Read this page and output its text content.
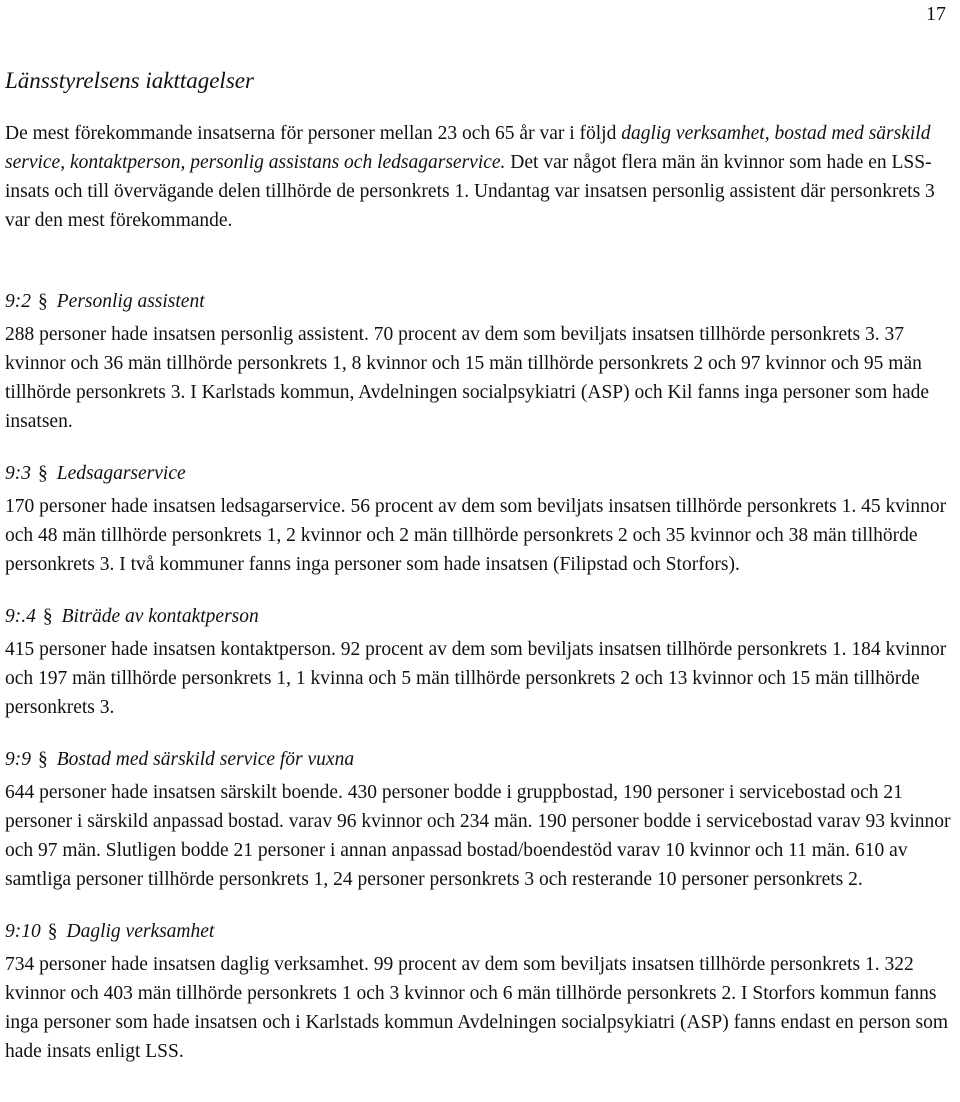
17
Länsstyrelsens iakttagelser

De mest förekommande insatserna för personer mellan 23 och 65 år var i följd daglig verksamhet, bostad med särskild service, kontaktperson, personlig assistans och ledsagarservice. Det var något flera män än kvinnor som hade en LSS-insats och till övervägande delen tillhörde de personkrets 1. Undantag var insatsen personlig assistent där personkrets 3 var den mest förekommande.

9:2 § Personlig assistent

288 personer hade insatsen personlig assistent. 70 procent av dem som beviljats insatsen tillhörde personkrets 3. 37 kvinnor och 36 män tillhörde personkrets 1, 8 kvinnor och 15 män tillhörde personkrets 2 och 97 kvinnor och 95 män tillhörde personkrets 3. I Karlstads kommun, Avdelningen socialpsykiatri (ASP) och Kil fanns inga personer som hade insatsen.

9:3 § Ledsagarservice

170 personer hade insatsen ledsagarservice. 56 procent av dem som beviljats insatsen tillhörde personkrets 1. 45 kvinnor och 48 män tillhörde personkrets 1, 2 kvinnor och 2 män tillhörde personkrets 2 och 35 kvinnor och 38 män tillhörde personkrets 3. I två kommuner fanns inga personer som hade insatsen (Filipstad och Storfors).

9:.4 § Biträde av kontaktperson

415 personer hade insatsen kontaktperson. 92 procent av dem som beviljats insatsen tillhörde personkrets 1. 184 kvinnor och 197 män tillhörde personkrets 1, 1 kvinna och 5 män tillhörde personkrets 2 och 13 kvinnor och 15 män tillhörde personkrets 3.

9:9 § Bostad med särskild service för vuxna

644 personer hade insatsen särskilt boende. 430 personer bodde i gruppbostad, 190 personer i servicebostad och 21 personer i särskild anpassad bostad. varav 96 kvinnor och 234 män. 190 personer bodde i servicebostad varav 93 kvinnor och 97 män. Slutligen bodde 21 personer i annan anpassad bostad/boendestöd varav 10 kvinnor och 11 män. 610 av samtliga personer tillhörde personkrets 1, 24 personer personkrets 3 och resterande 10 personer personkrets 2.

9:10 § Daglig verksamhet

734 personer hade insatsen daglig verksamhet. 99 procent av dem som beviljats insatsen tillhörde personkrets 1. 322 kvinnor och 403 män tillhörde personkrets 1 och 3 kvinnor och 6 män tillhörde personkrets 2. I Storfors kommun fanns inga personer som hade insatsen och i Karlstads kommun Avdelningen socialpsykiatri (ASP) fanns endast en person som hade insats enligt LSS.
